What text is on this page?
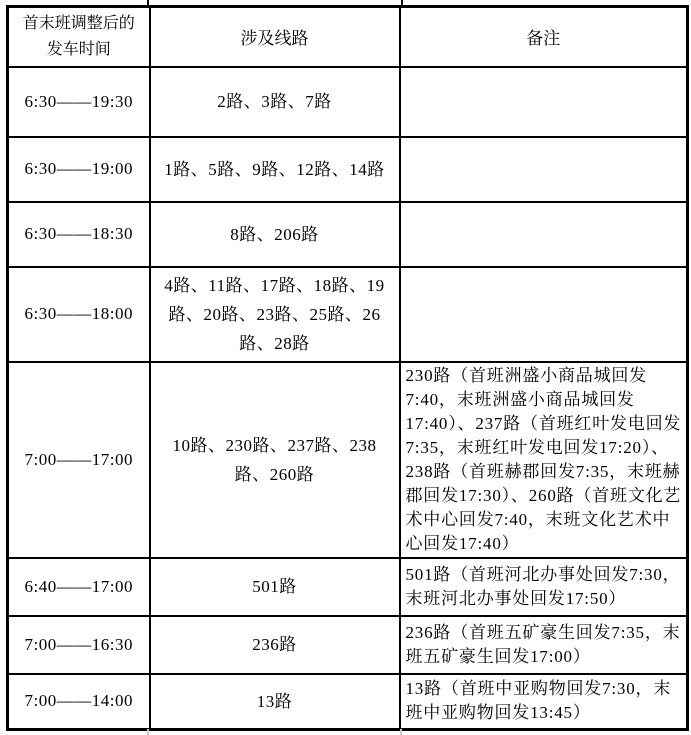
首末班调整后的发车时间	涉及线路	备注
6:30——19:30	2路、3路、7路	
6:30——19:00	1路、5路、9路、12路、14路	
6:30——18:30	8路、206路	
6:30——18:00	4路、11路、17路、18路、19路、20路、23路、25路、26路、28路	
7:00——17:00	10路、230路、237路、238路、260路	230路（首班洲盛小商品城回发7:40，末班洲盛小商品城回发17:40）、237路（首班红叶发电回发7:35，末班红叶发电回发17:20）、238路（首班赫郡回发7:35，末班赫郡回发17:30）、260路（首班文化艺术中心回发7:40，末班文化艺术中心回发17:40）
6:40——17:00	501路	501路（首班河北办事处回发7:30，末班河北办事处回发17:50）
7:00——16:30	236路	236路（首班五矿豪生回发7:35，末班五矿豪生回发17:00）
7:00——14:00	13路	13路（首班中亚购物回发7:30，末班中亚购物回发13:45）
